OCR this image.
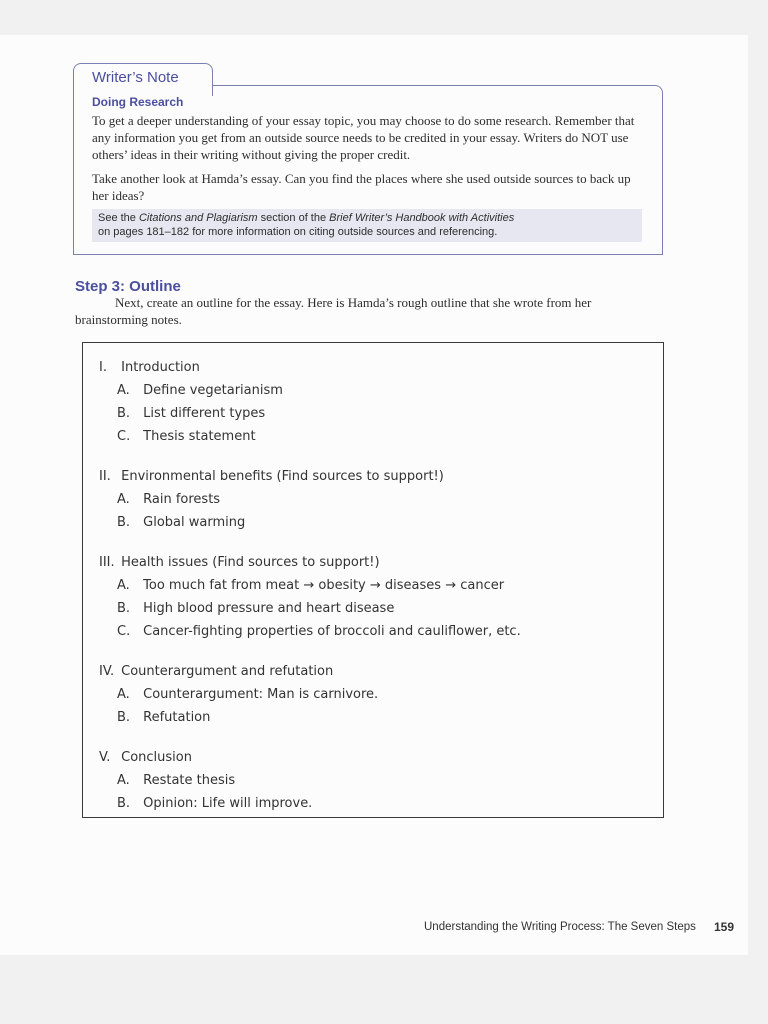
Writer’s Note
Doing Research

To get a deeper understanding of your essay topic, you may choose to do some research. Remember that any information you get from an outside source needs to be credited in your essay. Writers do NOT use others’ ideas in their writing without giving the proper credit.

Take another look at Hamda’s essay. Can you find the places where she used outside sources to back up her ideas?

See the Citations and Plagiarism section of the Brief Writer’s Handbook with Activities
on pages 181–182 for more information on citing outside sources and referencing.

Step 3: Outline

Next, create an outline for the essay. Here is Hamda’s rough outline that she wrote from her brainstorming notes.

I. Introduction
A. Define vegetarianism
B. List different types
C. Thesis statement
II. Environmental benefits (Find sources to support!)
A. Rain forests
B. Global warming
III. Health issues (Find sources to support!)
A. Too much fat from meat → obesity → diseases → cancer
B. High blood pressure and heart disease
C. Cancer-fighting properties of broccoli and cauliflower, etc.
IV. Counterargument and refutation
A. Counterargument: Man is carnivore.
B. Refutation
V. Conclusion
A. Restate thesis
B. Opinion: Life will improve.
Understanding the Writing Process: The Seven Steps 159
